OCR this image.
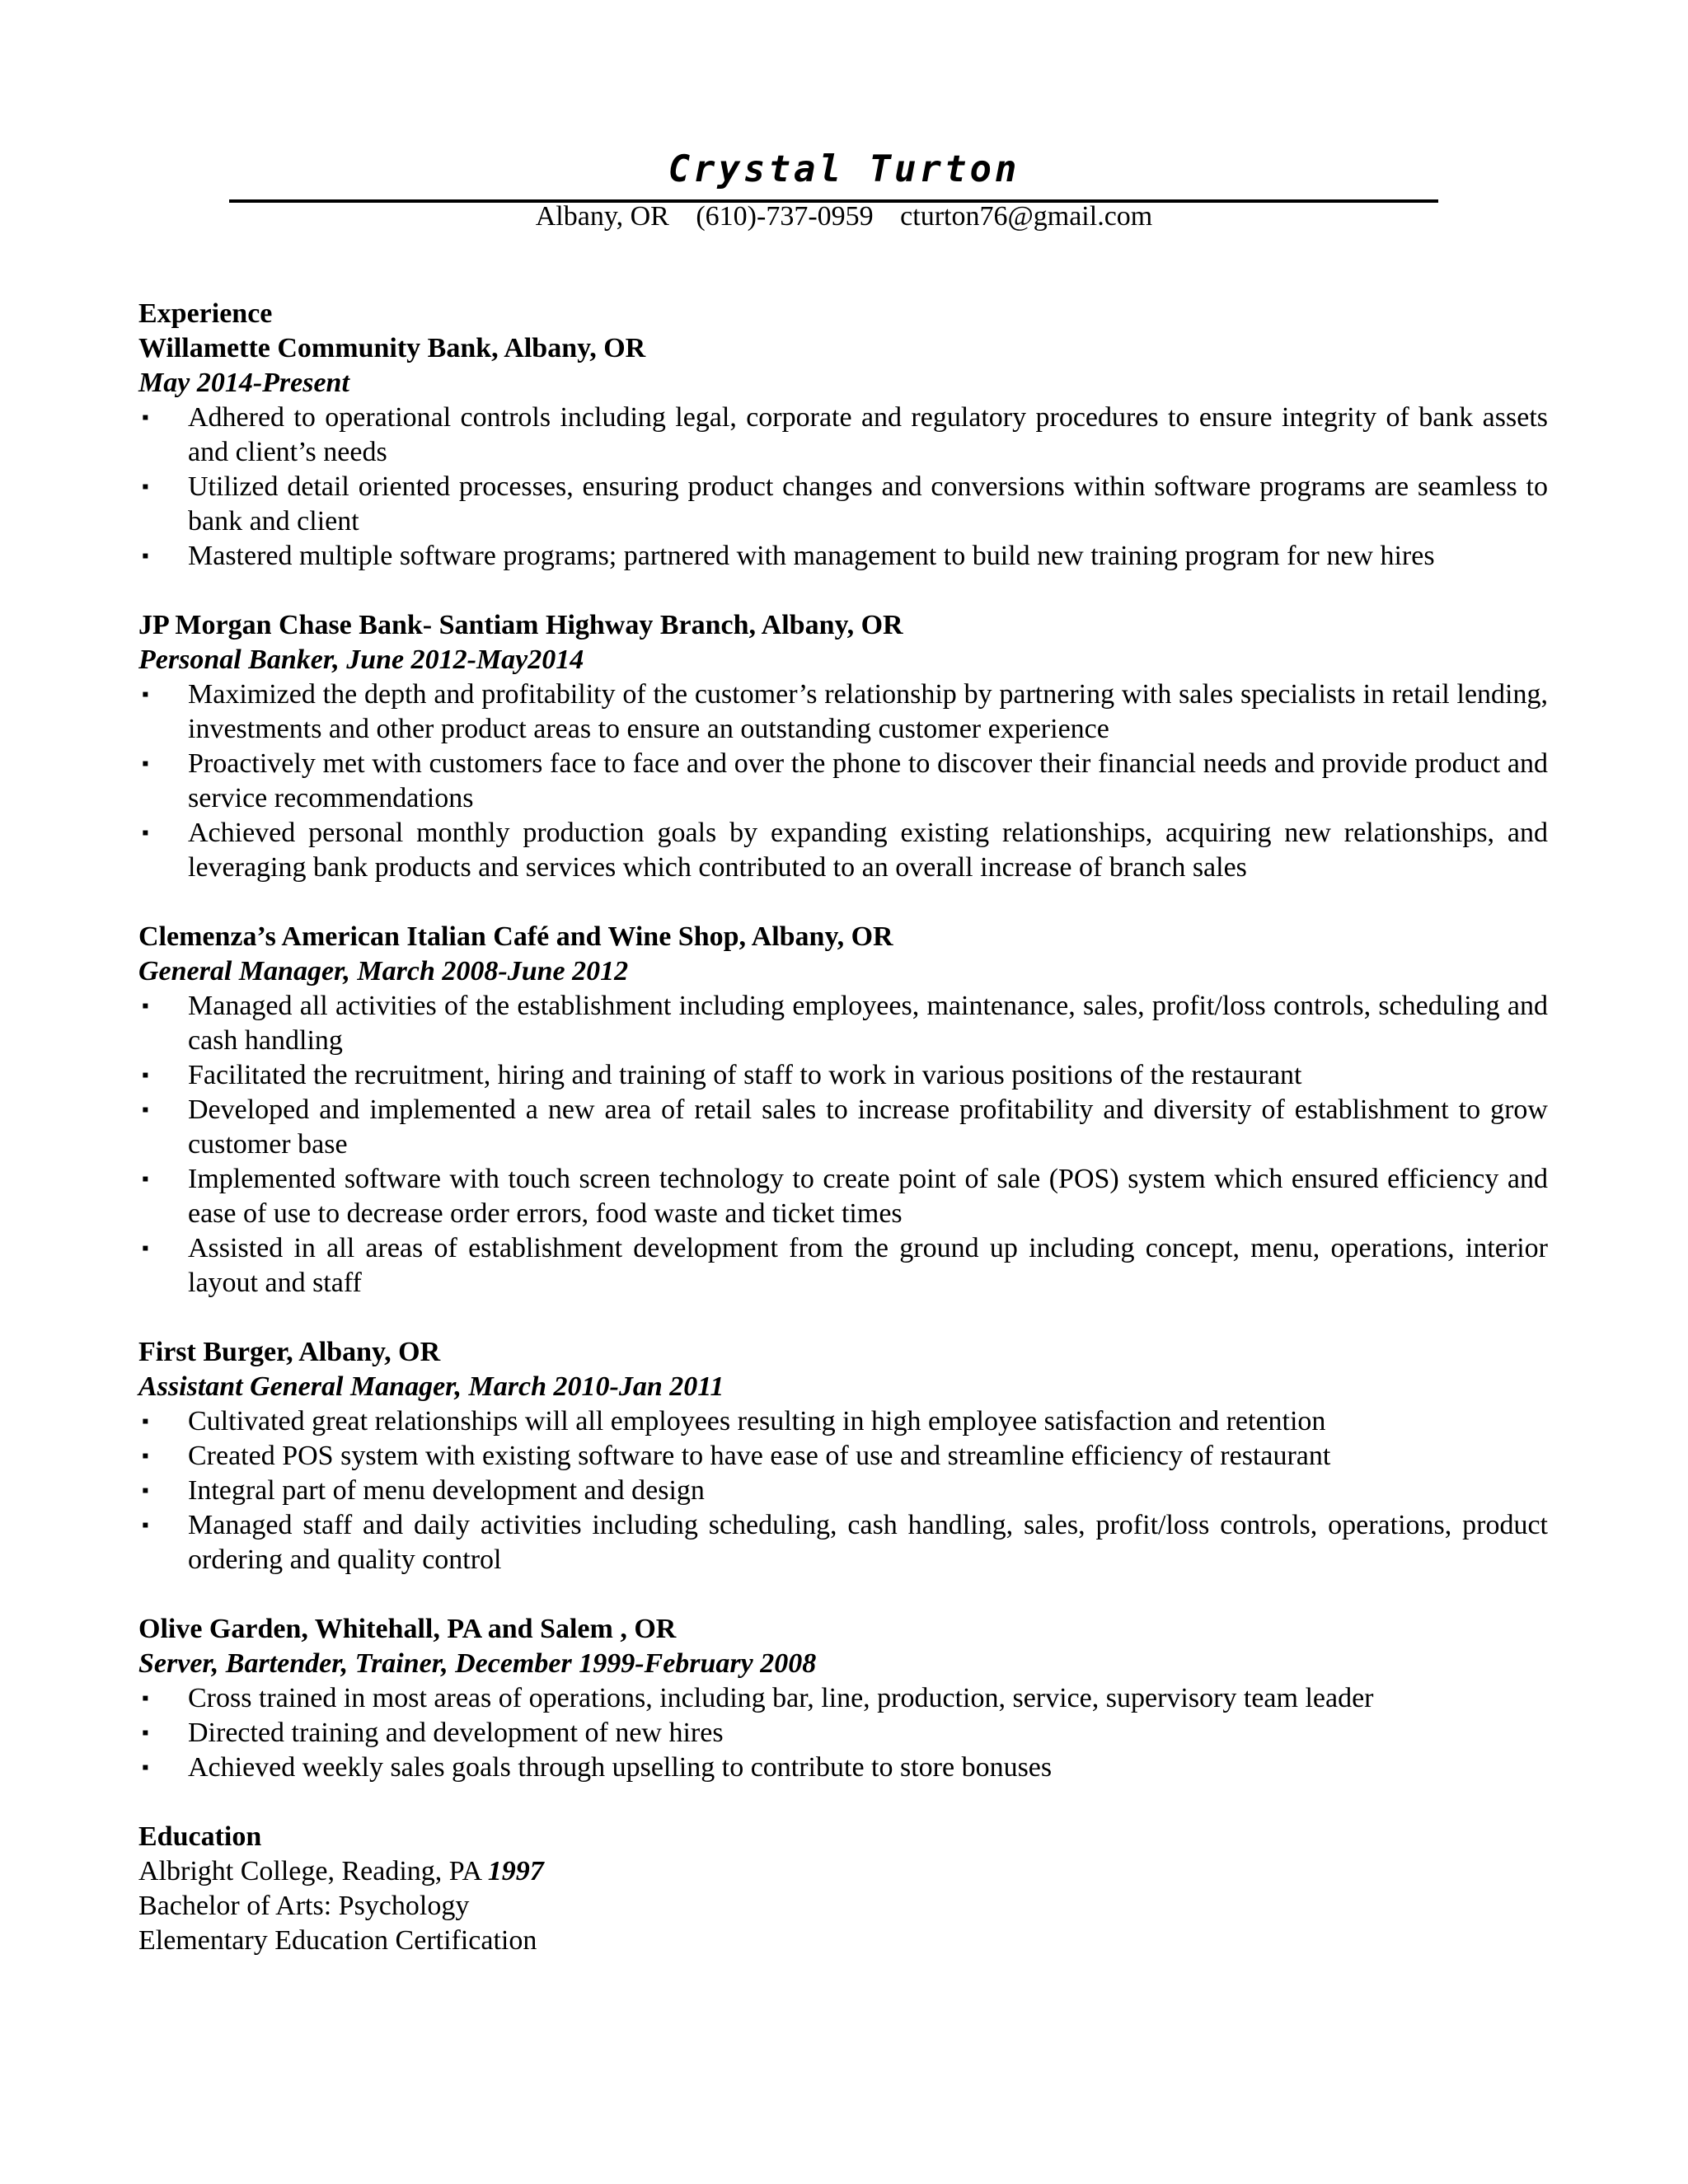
Crystal Turton
Albany, OR (610)-737-0959 cturton76@gmail.com
Experience
Willamette Community Bank, Albany, OR
May 2014-Present
▪ Adhered to operational controls including legal, corporate and regulatory procedures to ensure integrity of bank assets and client’s needs
▪ Utilized detail oriented processes, ensuring product changes and conversions within software programs are seamless to bank and client
▪ Mastered multiple software programs; partnered with management to build new training program for new hires
JP Morgan Chase Bank- Santiam Highway Branch, Albany, OR
Personal Banker, June 2012-May2014
▪ Maximized the depth and profitability of the customer’s relationship by partnering with sales specialists in retail lending, investments and other product areas to ensure an outstanding customer experience
▪ Proactively met with customers face to face and over the phone to discover their financial needs and provide product and service recommendations
▪ Achieved personal monthly production goals by expanding existing relationships, acquiring new relationships, and leveraging bank products and services which contributed to an overall increase of branch sales
Clemenza’s American Italian Café and Wine Shop, Albany, OR
General Manager, March 2008-June 2012
▪ Managed all activities of the establishment including employees, maintenance, sales, profit/loss controls, scheduling and cash handling
▪ Facilitated the recruitment, hiring and training of staff to work in various positions of the restaurant
▪ Developed and implemented a new area of retail sales to increase profitability and diversity of establishment to grow customer base
▪ Implemented software with touch screen technology to create point of sale (POS) system which ensured efficiency and ease of use to decrease order errors, food waste and ticket times
▪ Assisted in all areas of establishment development from the ground up including concept, menu, operations, interior layout and staff
First Burger, Albany, OR
Assistant General Manager, March 2010-Jan 2011
▪ Cultivated great relationships will all employees resulting in high employee satisfaction and retention
▪ Created POS system with existing software to have ease of use and streamline efficiency of restaurant
▪ Integral part of menu development and design
▪ Managed staff and daily activities including scheduling, cash handling, sales, profit/loss controls, operations, product ordering and quality control
Olive Garden, Whitehall, PA and Salem , OR
Server, Bartender, Trainer, December 1999-February 2008
▪ Cross trained in most areas of operations, including bar, line, production, service, supervisory team leader
▪ Directed training and development of new hires
▪ Achieved weekly sales goals through upselling to contribute to store bonuses
Education
Albright College, Reading, PA 1997
Bachelor of Arts: Psychology
Elementary Education Certification
